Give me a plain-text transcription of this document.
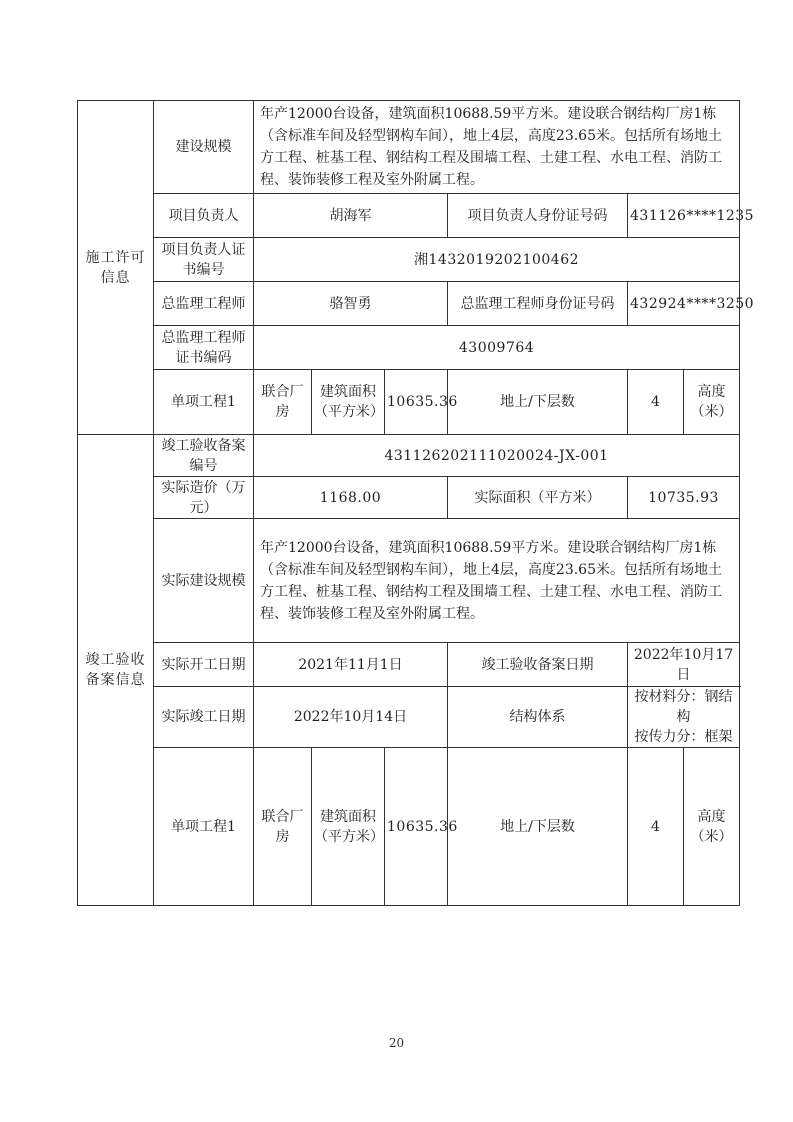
施工许可信息	建设规模	年产12000台设备，建筑面积10688.59平方米。建设联合钢结构厂房1栋（含标准车间及轻型钢构车间），地上4层，高度23.65米。包括所有场地土方工程、桩基工程、钢结构工程及围墙工程、土建工程、水电工程、消防工程、装饰装修工程及室外附属工程。						
	项目负责人	胡海军			项目负责人身份证号码	431126****1235		
	项目负责人证书编号	湘1432019202100462						
	总监理工程师	骆智勇			总监理工程师身份证号码	432924****3250		
	总监理工程师证书编码	43009764						
	单项工程1	联合厂房	建筑面积（平方米）	10635.36	地上/下层数	4	高度（米）	
竣工验收备案信息	竣工验收备案编号	431126202111020024-JX-001						
	实际造价（万元）	1168.00			实际面积（平方米）	10735.93		
	实际建设规模	年产12000台设备，建筑面积10688.59平方米。建设联合钢结构厂房1栋（含标准车间及轻型钢构车间），地上4层，高度23.65米。包括所有场地土方工程、桩基工程、钢结构工程及围墙工程、土建工程、水电工程、消防工程、装饰装修工程及室外附属工程。						
	实际开工日期	2021年11月1日			竣工验收备案日期	2022年10月17日		
	实际竣工日期	2022年10月14日			结构体系	按材料分：钢结构
按传力分：框架		

	单项工程1	联合厂房	建筑面积（平方米）	10635.36	地上/下层数	4	高度（米）	
20
